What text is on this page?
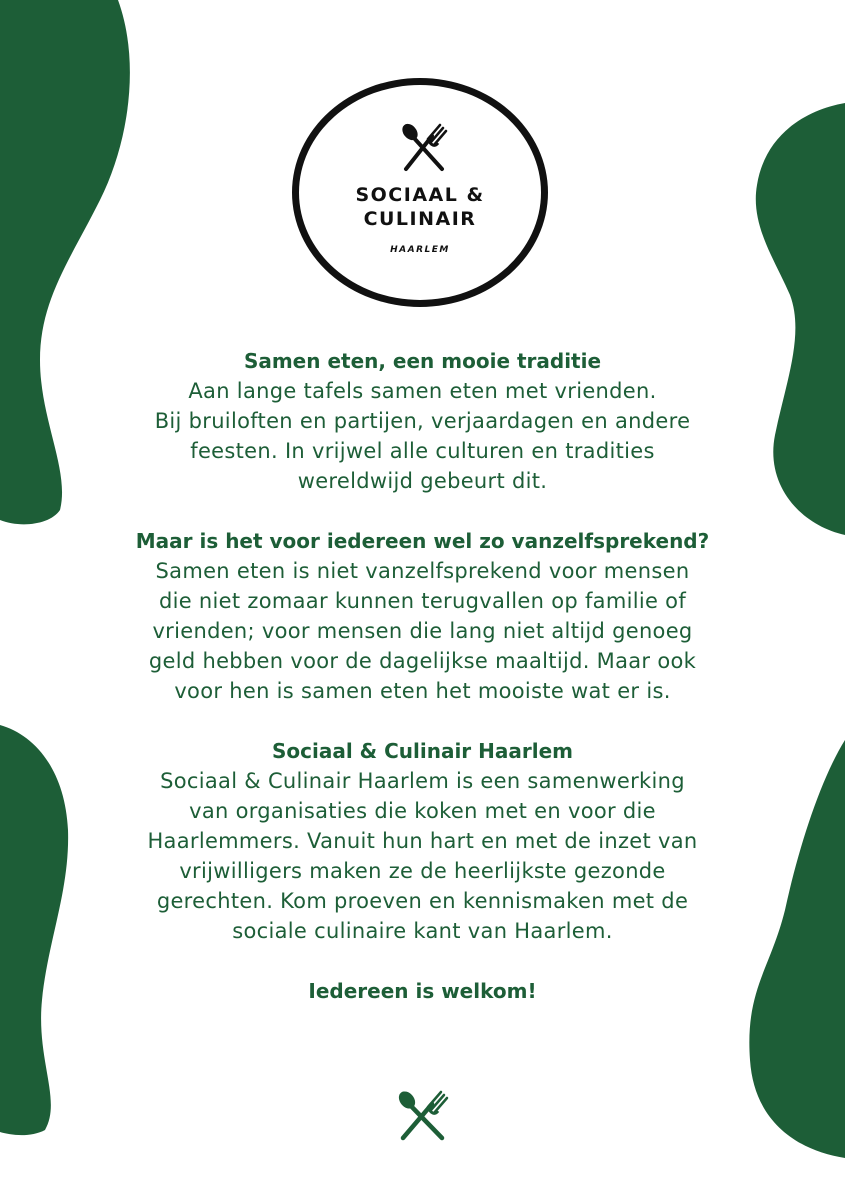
SOCIAAL &
CULINAIR
HAARLEM
Samen eten, een mooie traditie
Aan lange tafels samen eten met vrienden.
Bij bruiloften en partijen, verjaardagen en andere
feesten. In vrijwel alle culturen en tradities
wereldwijd gebeurt dit.
Maar is het voor iedereen wel zo vanzelfsprekend?
Samen eten is niet vanzelfsprekend voor mensen
die niet zomaar kunnen terugvallen op familie of
vrienden; voor mensen die lang niet altijd genoeg
geld hebben voor de dagelijkse maaltijd. Maar ook
voor hen is samen eten het mooiste wat er is.
Sociaal & Culinair Haarlem
Sociaal & Culinair Haarlem is een samenwerking
van organisaties die koken met en voor die
Haarlemmers. Vanuit hun hart en met de inzet van
vrijwilligers maken ze de heerlijkste gezonde
gerechten. Kom proeven en kennismaken met de
sociale culinaire kant van Haarlem.
Iedereen is welkom!
